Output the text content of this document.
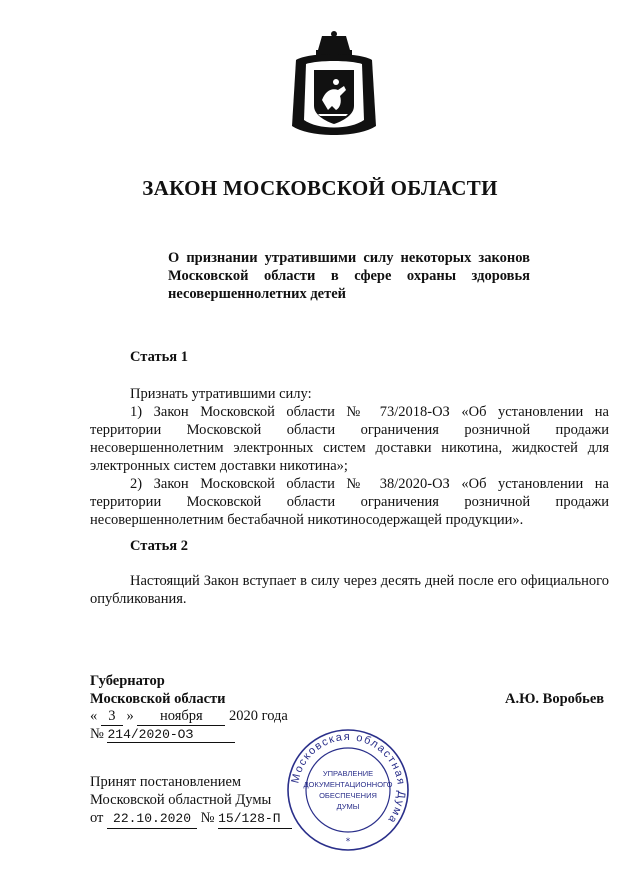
ЗАКОН МОСКОВСКОЙ ОБЛАСТИ
О признании утратившими силу некоторых законов Московской области в сфере охраны здоровья несовершеннолетних детей
Статья 1
Признать утратившими силу:
1) Закон Московской области № 73/2018-ОЗ «Об установлении на территории Московской области ограничения розничной продажи несовершеннолетним электронных систем доставки никотина, жидкостей для электронных систем доставки никотина»;
2) Закон Московской области № 38/2020-ОЗ «Об установлении на территории Московской области ограничения розничной продажи несовершеннолетним бестабачной никотиносодержащей продукции».
Статья 2
Настоящий Закон вступает в силу через десять дней после его официального опубликования.
Губернатор
Московской области	А.Ю. Воробьев
« 3 » ноября 2020 года
№ 214/2020-ОЗ
Принят постановлением
Московской областной Думы
от 22.10.2020 № 15/128-П
Московская областная Дума
УПРАВЛЕНИЕ
ДОКУМЕНТАЦИОННОГО
ОБЕСПЕЧЕНИЯ
ДУМЫ
*
